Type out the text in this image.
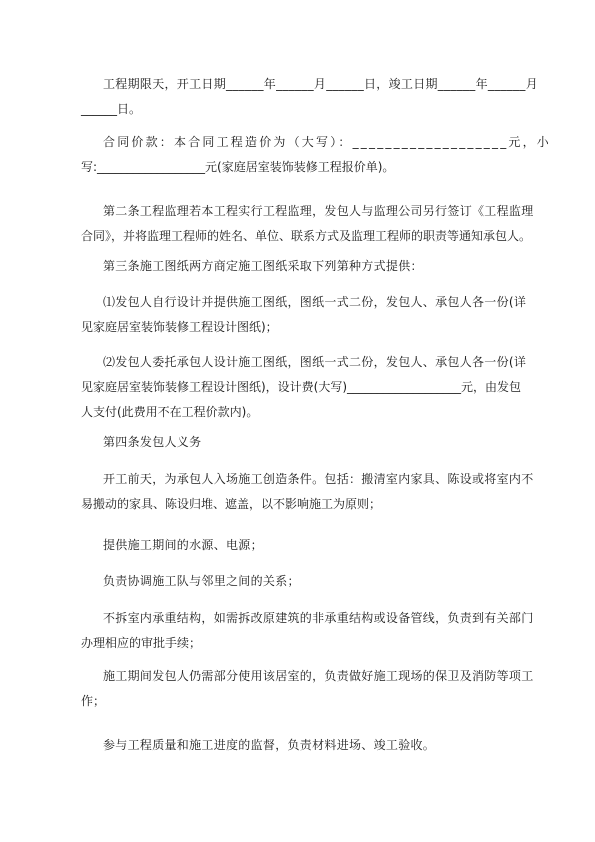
工程期限天，开工日期______年______月______日，竣工日期______年______月
______日。
合同价款：本合同工程造价为（大写）：___________________元，小
写:__________________元(家庭居室装饰装修工程报价单)。
第二条工程监理若本工程实行工程监理，发包人与监理公司另行签订《工程监理
合同》，并将监理工程师的姓名、单位、联系方式及监理工程师的职责等通知承包人。
第三条施工图纸两方商定施工图纸采取下列第种方式提供：
⑴发包人自行设计并提供施工图纸，图纸一式二份，发包人、承包人各一份(详
见家庭居室装饰装修工程设计图纸)；
⑵发包人委托承包人设计施工图纸，图纸一式二份，发包人、承包人各一份(详
见家庭居室装饰装修工程设计图纸)，设计费(大写)___________________元，由发包
人支付(此费用不在工程价款内)。
第四条发包人义务
开工前天，为承包人入场施工创造条件。包括：搬清室内家具、陈设或将室内不
易搬动的家具、陈设归堆、遮盖，以不影响施工为原则；
提供施工期间的水源、电源；
负责协调施工队与邻里之间的关系；
不拆室内承重结构，如需拆改原建筑的非承重结构或设备管线，负责到有关部门
办理相应的审批手续；
施工期间发包人仍需部分使用该居室的，负责做好施工现场的保卫及消防等项工
作；
参与工程质量和施工进度的监督，负责材料进场、竣工验收。
